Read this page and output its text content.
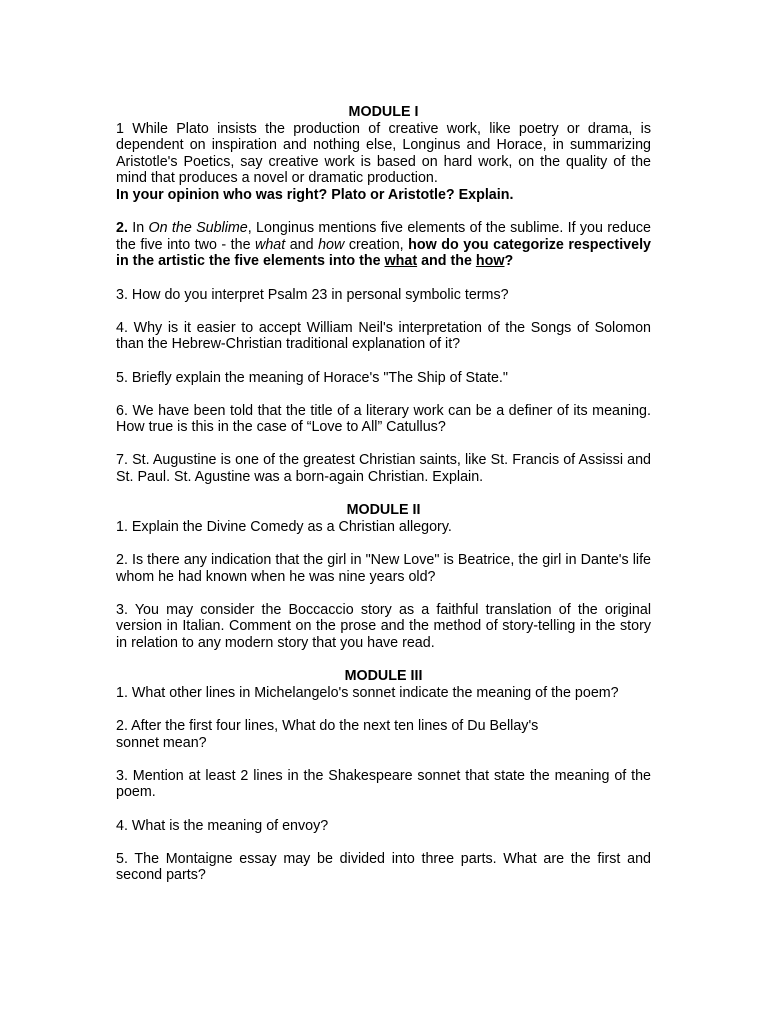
MODULE I

1 While Plato insists the production of creative work, like poetry or drama, is dependent on inspiration and nothing else, Longinus and Horace, in summarizing Aristotle's Poetics, say creative work is based on hard work, on the quality of the mind that produces a novel or dramatic production.
In your opinion who was right? Plato or Aristotle? Explain.

2. In On the Sublime, Longinus mentions five elements of the sublime. If you reduce the five into two - the what and how creation, how do you categorize respectively in the artistic the five elements into the what and the how?

3. How do you interpret Psalm 23 in personal symbolic terms?

4. Why is it easier to accept William Neil's interpretation of the Songs of Solomon than the Hebrew-Christian traditional explanation of it?

5. Briefly explain the meaning of Horace's "The Ship of State."

6. We have been told that the title of a literary work can be a definer of its meaning. How true is this in the case of “Love to All” Catullus?

7. St. Augustine is one of the greatest Christian saints, like St. Francis of Assissi and St. Paul. St. Agustine was a born-again Christian. Explain.

MODULE II

1. Explain the Divine Comedy as a Christian allegory.

2. Is there any indication that the girl in "New Love" is Beatrice, the girl in Dante's life whom he had known when he was nine years old?

3. You may consider the Boccaccio story as a faithful translation of the original version in Italian. Comment on the prose and the method of story-telling in the story in relation to any modern story that you have read.

MODULE III

1. What other lines in Michelangelo's sonnet indicate the meaning of the poem?

2. After the first four lines, What do the next ten lines of Du Bellay's
sonnet mean?

3. Mention at least 2 lines in the Shakespeare sonnet that state the meaning of the poem.

4. What is the meaning of envoy?

5. The Montaigne essay may be divided into three parts. What are the first and second parts?
